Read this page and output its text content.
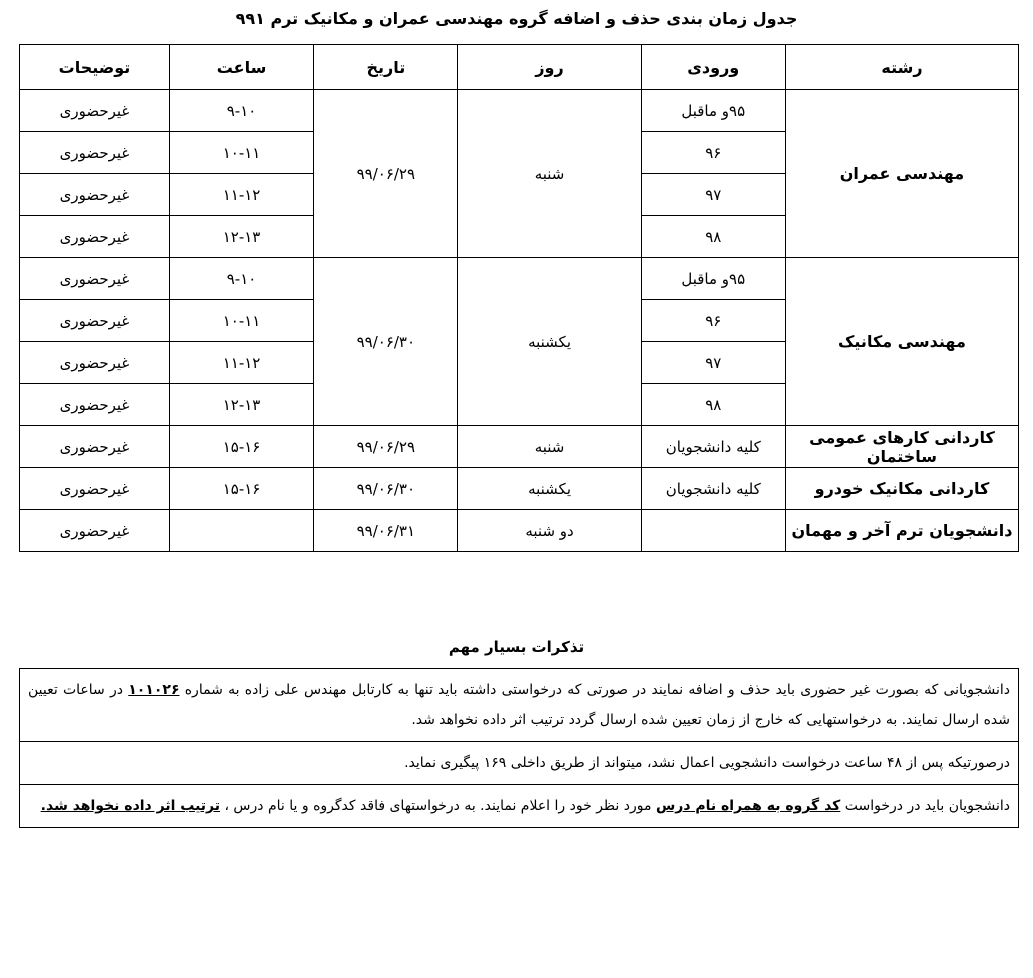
جدول زمان بندی حذف و اضافه گروه مهندسی عمران و مکانیک ترم ۹۹۱
رشته	ورودی	روز	تاریخ	ساعت	توضیحات
مهندسی عمران	۹۵و ماقبل	شنبه	۹۹/۰۶/۲۹	۹-۱۰	غیرحضوری
	۹۶			۱۰-۱۱	غیرحضوری
	۹۷			۱۱-۱۲	غیرحضوری
	۹۸			۱۲-۱۳	غیرحضوری
مهندسی مکانیک	۹۵و ماقبل	یکشنبه	۹۹/۰۶/۳۰	۹-۱۰	غیرحضوری
	۹۶			۱۰-۱۱	غیرحضوری
	۹۷			۱۱-۱۲	غیرحضوری
	۹۸			۱۲-۱۳	غیرحضوری
کاردانی کارهای عمومی ساختمان	کلیه دانشجویان	شنبه	۹۹/۰۶/۲۹	۱۵-۱۶	غیرحضوری
کاردانی مکانیک خودرو	کلیه دانشجویان	یکشنبه	۹۹/۰۶/۳۰	۱۵-۱۶	غیرحضوری
دانشجویان ترم آخر و مهمان		دو شنبه	۹۹/۰۶/۳۱		غیرحضوری
تذکرات بسیار مهم
دانشجویانی که بصورت غیر حضوری باید حذف و اضافه نمایند در صورتی که درخواستی داشته باید تنها به کارتابل مهندس علی زاده به شماره ۱۰۱۰۲۶ در ساعات تعیین شده ارسال نمایند. به درخواستهایی که خارج از زمان تعیین شده ارسال گردد ترتیب اثر داده نخواهد شد.
درصورتیکه پس از ۴۸ ساعت درخواست دانشجویی اعمال نشد، میتواند از طریق داخلی ۱۶۹ پیگیری نماید.
دانشجویان باید در درخواست کد گروه به همراه نام درس مورد نظر خود را اعلام نمایند. به درخواستهای فاقد کدگروه و یا نام درس ، ترتیب اثر داده نخواهد شد.
